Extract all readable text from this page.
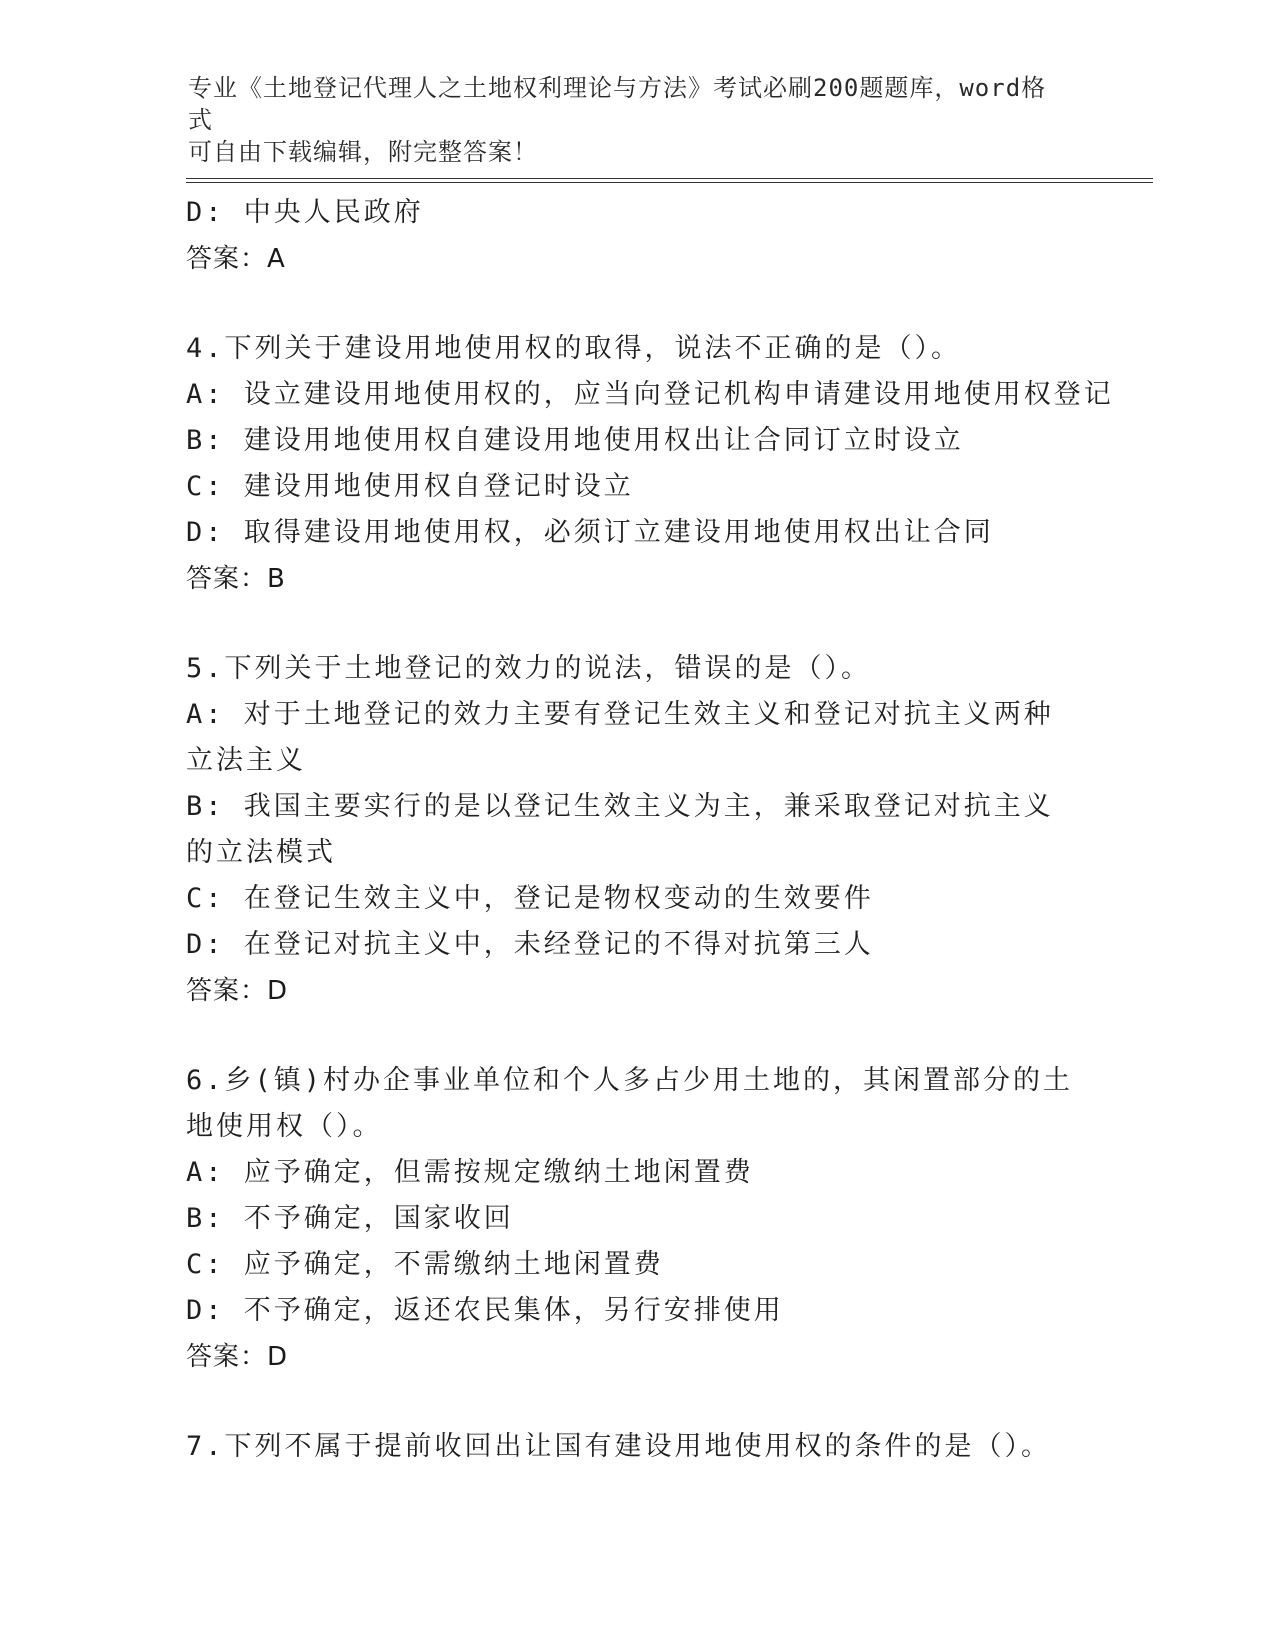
专业《土地登记代理人之土地权利理论与方法》考试必刷200题题库，word格式
可自由下载编辑，附完整答案！
D: 中央人民政府
答案：A
4.下列关于建设用地使用权的取得，说法不正确的是（）。
A: 设立建设用地使用权的，应当向登记机构申请建设用地使用权登记
B: 建设用地使用权自建设用地使用权出让合同订立时设立
C: 建设用地使用权自登记时设立
D: 取得建设用地使用权，必须订立建设用地使用权出让合同
答案：B
5.下列关于土地登记的效力的说法，错误的是（）。
A: 对于土地登记的效力主要有登记生效主义和登记对抗主义两种立法主义
B: 我国主要实行的是以登记生效主义为主，兼采取登记对抗主义的立法模式
C: 在登记生效主义中，登记是物权变动的生效要件
D: 在登记对抗主义中，未经登记的不得对抗第三人
答案：D
6.乡(镇)村办企事业单位和个人多占少用土地的，其闲置部分的土地使用权（）。
A: 应予确定，但需按规定缴纳土地闲置费
B: 不予确定，国家收回
C: 应予确定，不需缴纳土地闲置费
D: 不予确定，返还农民集体，另行安排使用
答案：D
7.下列不属于提前收回出让国有建设用地使用权的条件的是（）。
